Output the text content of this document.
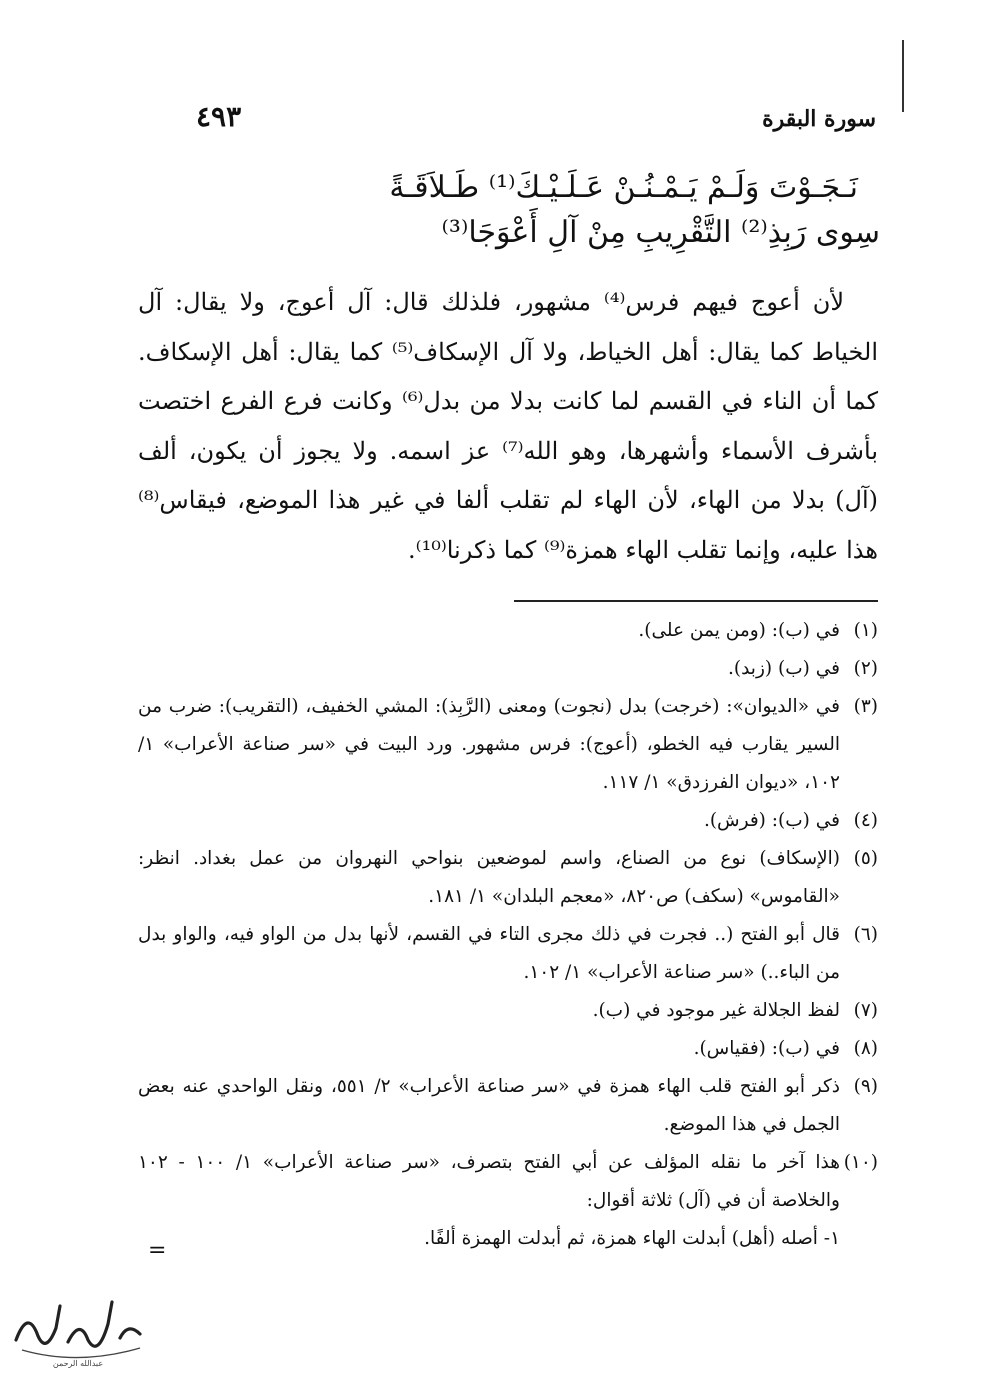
سورة البقرة
٤٩٣
نَـجَـوْتَ وَلَـمْ يَـمْـنُـنْ عَـلَـيْـكَ⁽¹⁾ طَـلاَقَـةً
سِوى رَبِذِ⁽²⁾ التَّقْرِيبِ مِنْ آلِ أَعْوَجَا⁽³⁾

لأن أعوج فيهم فرس⁽⁴⁾ مشهور، فلذلك قال: آل أعوج، ولا يقال: آل الخياط كما يقال: أهل الخياط، ولا آل الإسكاف⁽⁵⁾ كما يقال: أهل الإسكاف. كما أن الناء في القسم لما كانت بدلا من بدل⁽⁶⁾ وكانت فرع الفرع اختصت بأشرف الأسماء وأشهرها، وهو الله⁽⁷⁾ عز اسمه. ولا يجوز أن يكون، ألف (آل) بدلا من الهاء، لأن الهاء لم تقلب ألفا في غير هذا الموضع، فيقاس⁽⁸⁾ هذا عليه، وإنما تقلب الهاء همزة⁽⁹⁾ كما ذكرنا⁽¹⁰⁾.

(١)
في (ب): (ومن يمن على).
(٢)
في (ب) (زبد).
(٣)
في «الديوان»: (خرجت) بدل (نجوت) ومعنى (الرَّبِذ): المشي الخفيف، (التقريب): ضرب من السير يقارب فيه الخطو، (أعوج): فرس مشهور. ورد البيت في «سر صناعة الأعراب» ١/ ١٠٢، «ديوان الفرزدق» ١/ ١١٧.
(٤)
في (ب): (فرش).
(٥)
(الإسكاف) نوع من الصناع، واسم لموضعين بنواحي النهروان من عمل بغداد. انظر: «القاموس» (سكف) ص٨٢٠، «معجم البلدان» ١/ ١٨١.
(٦)
قال أبو الفتح (.. فجرت في ذلك مجرى التاء في القسم، لأنها بدل من الواو فيه، والواو بدل من الباء..) «سر صناعة الأعراب» ١/ ١٠٢.
(٧)
لفظ الجلالة غير موجود في (ب).
(٨)
في (ب): (فقياس).
(٩)
ذكر أبو الفتح قلب الهاء همزة في «سر صناعة الأعراب» ٢/ ٥٥١، ونقل الواحدي عنه بعض الجمل في هذا الموضع.
(١٠)
هذا آخر ما نقله المؤلف عن أبي الفتح بتصرف، «سر صناعة الأعراب» ١/ ١٠٠ - ١٠٢ والخلاصة أن في (آل) ثلاثة أقوال:
١- أصله (أهل) أبدلت الهاء همزة، ثم أبدلت الهمزة ألفًا.
=
عبدالله الرحمن
